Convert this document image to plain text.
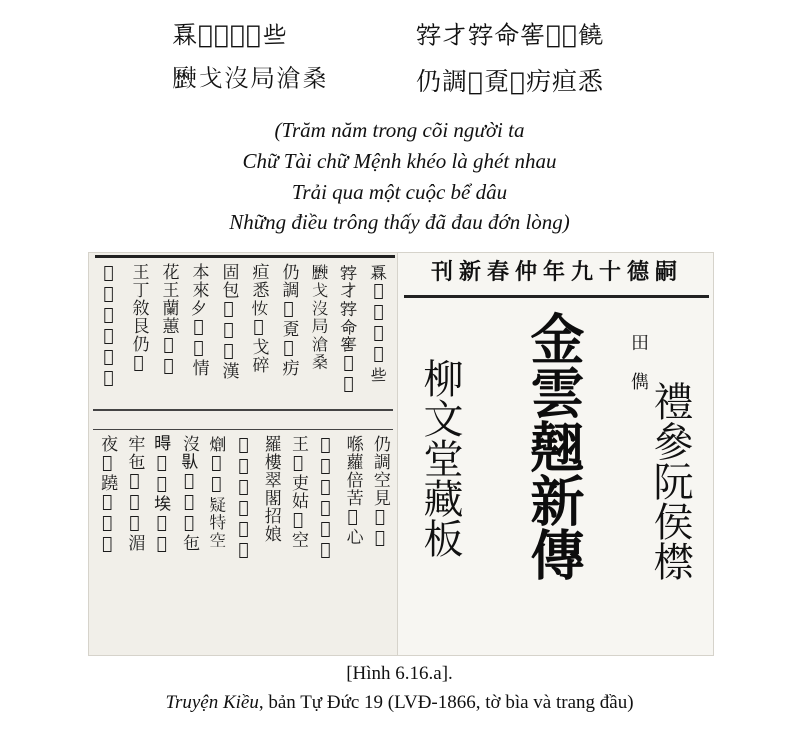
𤾓𢆥𥪝𡎝𠊛些	𡦂才𡦂命窖𱜢恄饒
𣦰戈沒局滄桑	仍調𥉩覔𢚸疠疸悉
(Trăm năm trong cõi người ta
Chữ Tài chữ Mệnh khéo là ghét nhau
Trải qua một cuộc bể dâu
Những điều trông thấy đã đau đớn lòng)
𤾓𢆥𥪝𡎝𠊛些
𡦂才𡦂命窖𱜢恄
𣦰戈沒局滄桑
仍調𥉩覔𢚸疠
疸悉𢖵𥪝戈碎
固包𡗉𠀧𠦳漢
本來𫜵𫥨𤳸情
花王蘭蕙𥪝𣷭
王丁敘艮仍𡗶
𩈘漢高卞帽䋥
仍調空見𦥃𧡊
喺蘿倍苦𢝙心
𩈘包洞柳𠀧𡗶
王𪠞吏姑𢚸空
羅樓翠閣招娘
𦋦𫏾樣姚𪠞瞧
𤏬𢬣𦓡疑特空
沒𠊛𨕭𠍤𠃣㐌
𣈜𢆥𢌌埃𫨩𢚸
牢㐌𢧚𦓅𠳒湄
夜𨖲蹺𢩽𫜵𢝙
刊新春仲年九十德嗣
田 儁
禮參阮侯㯲
金雲翹新傳
柳文堂藏板
[Hình 6.16.a].
Truyện Kiều, bản Tự Đức 19 (LVĐ-1866, tờ bìa và trang đầu)
